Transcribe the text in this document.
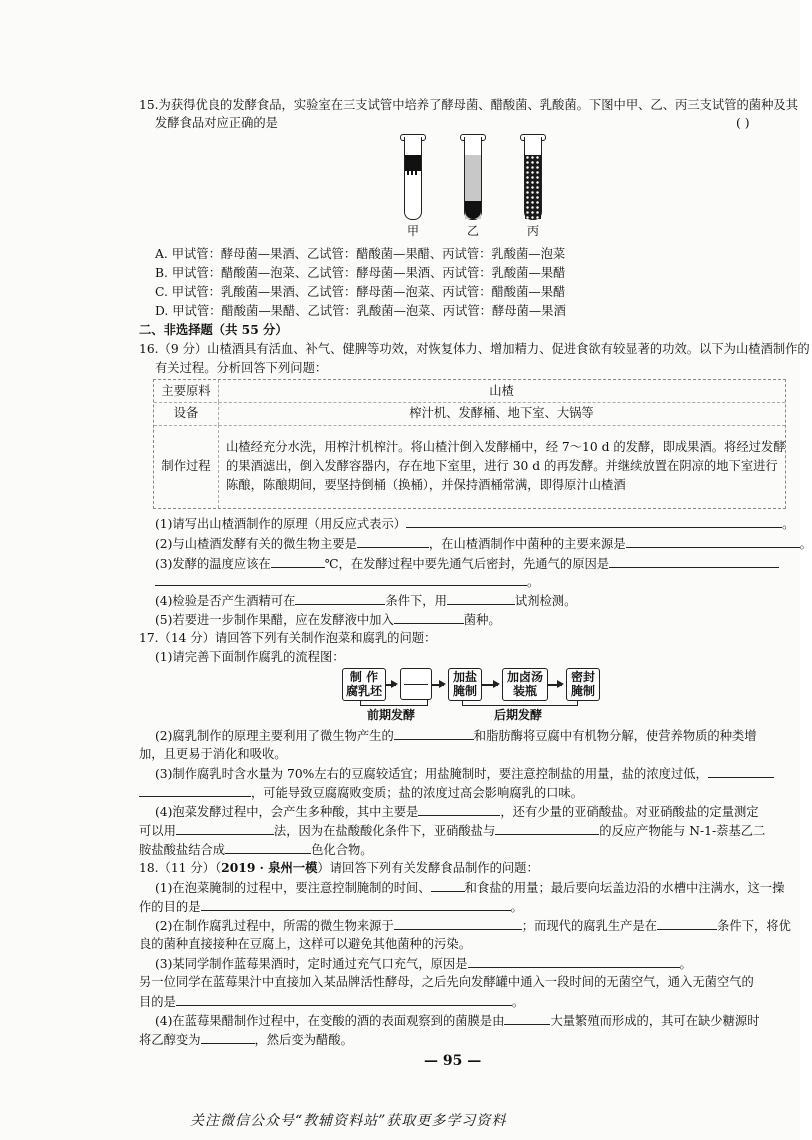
15.为获得优良的发酵食品，实验室在三支试管中培养了酵母菌、醋酸菌、乳酸菌。下图中甲、乙、丙三支试管的菌种及其
发酵食品对应正确的是	( )
甲	乙	丙
A. 甲试管：酵母菌—果酒、乙试管：醋酸菌—果醋、丙试管：乳酸菌—泡菜
B. 甲试管：醋酸菌—泡菜、乙试管：酵母菌—果酒、丙试管：乳酸菌—果醋
C. 甲试管：乳酸菌—果酒、乙试管：酵母菌—泡菜、丙试管：醋酸菌—果醋
D. 甲试管：醋酸菌—果醋、乙试管：乳酸菌—泡菜、丙试管：酵母菌—果酒
二、非选择题（共 55 分）
16.（9 分）山楂酒具有活血、补气、健脾等功效，对恢复体力、增加精力、促进食欲有较显著的功效。以下为山楂酒制作的
有关过程。分析回答下列问题：
主要原料	山楂
设备	榨汁机、发酵桶、地下室、大锅等
制作过程
山楂经充分水洗，用榨汁机榨汁。将山楂汁倒入发酵桶中，经 7～10 d 的发酵，即成果酒。将经过发酵
的果酒滤出，倒入发酵容器内，存在地下室里，进行 30 d 的再发酵。并继续放置在阴凉的地下室进行
陈酿，陈酿期间，要坚持倒桶（换桶），并保持酒桶常满，即得原汁山楂酒
(1)请写出山楂酒制作的原理（用反应式表示）	。
(2)与山楂酒发酵有关的微生物主要是	，在山楂酒制作中菌种的主要来源是	。
(3)发酵的温度应该在	℃，在发酵过程中要先通气后密封，先通气的原因是
。
(4)检验是否产生酒精可在	条件下，用	试剂检测。
(5)若要进一步制作果醋，应在发酵液中加入	菌种。
17.（14 分）请回答下列有关制作泡菜和腐乳的问题：
(1)请完善下面制作腐乳的流程图：
制 作
腐乳坯
加盐
腌制
加卤汤
装瓶
密封
腌制
前期发酵	后期发酵
(2)腐乳制作的原理主要利用了微生物产生的	和脂肪酶将豆腐中有机物分解，使营养物质的种类增
加，且更易于消化和吸收。
(3)制作腐乳时含水量为 70%左右的豆腐较适宜；用盐腌制时，要注意控制盐的用量，盐的浓度过低，
，可能导致豆腐腐败变质；盐的浓度过高会影响腐乳的口味。
(4)泡菜发酵过程中，会产生多种酸，其中主要是	，还有少量的亚硝酸盐。对亚硝酸盐的定量测定
可以用	法，因为在盐酸酸化条件下，亚硝酸盐与	的反应产物能与 N-1-萘基乙二
胺盐酸盐结合成	色化合物。
18.（11 分）（2019 · 泉州一模）请回答下列有关发酵食品制作的问题：
(1)在泡菜腌制的过程中，要注意控制腌制的时间、	和食盐的用量；最后要向坛盖边沿的水槽中注满水，这一操
作的目的是	。
(2)在制作腐乳过程中，所需的微生物来源于	；而现代的腐乳生产是在	条件下，将优
良的菌种直接接种在豆腐上，这样可以避免其他菌种的污染。
(3)某同学制作蓝莓果酒时，定时通过充气口充气，原因是	。
另一位同学在蓝莓果汁中直接加入某品牌活性酵母，之后先向发酵罐中通入一段时间的无菌空气，通入无菌空气的
目的是	。
(4)在蓝莓果醋制作过程中，在变酸的酒的表面观察到的菌膜是由	大量繁殖而形成的，其可在缺少糖源时
将乙醇变为	，然后变为醋酸。
— 95 —
关注微信公众号“教辅资料站”获取更多学习资料
